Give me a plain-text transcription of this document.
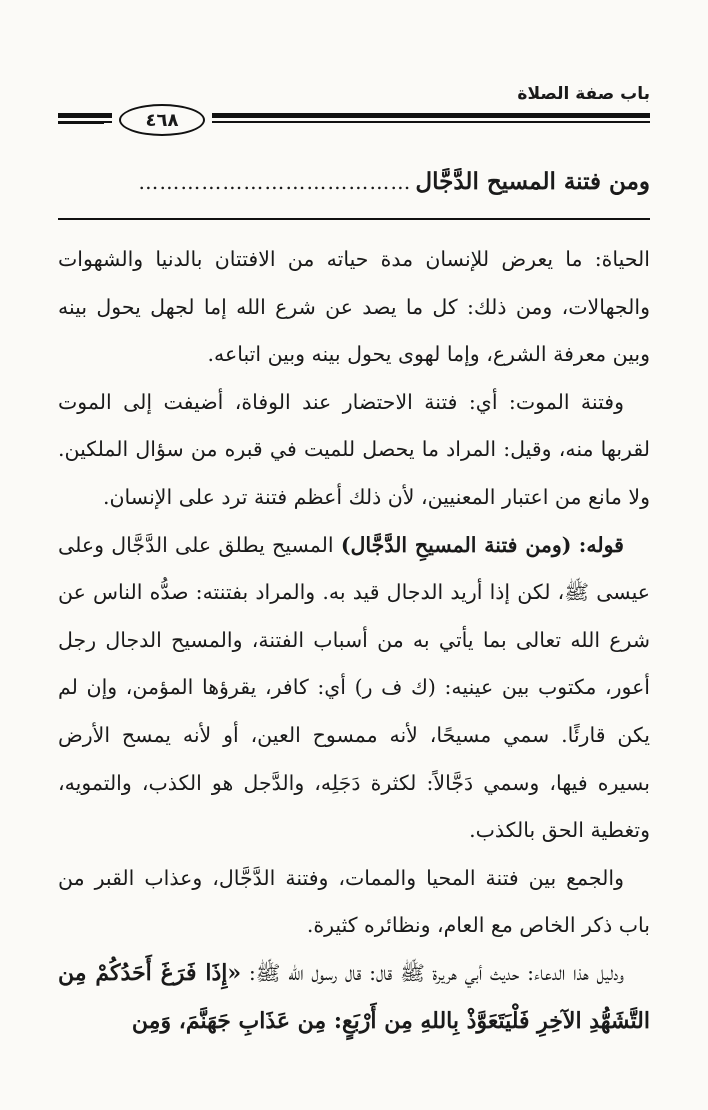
باب صفة الصلاة
٤٦٨
ومن فتنة المسيحِ الدَّجَّال
…………………………………

الحياة: ما يعرض للإنسان مدة حياته من الافتتان بالدنيا والشهوات والجهالات، ومن ذلك: كل ما يصد عن شرع الله إما لجهل يحول بينه وبين معرفة الشرع، وإما لهوى يحول بينه وبين اتباعه.

وفتنة الموت: أي: فتنة الاحتضار عند الوفاة، أضيفت إلى الموت لقربها منه، وقيل: المراد ما يحصل للميت في قبره من سؤال الملكين. ولا مانع من اعتبار المعنيين، لأن ذلك أعظم فتنة ترد على الإنسان.

قوله: (ومن فتنة المسيحِ الدَّجَّال) المسيح يطلق على الدَّجَّال وعلى عيسى ﷺ، لكن إذا أريد الدجال قيد به. والمراد بفتنته: صدُّه الناس عن شرع الله تعالى بما يأتي به من أسباب الفتنة، والمسيح الدجال رجل أعور، مكتوب بين عينيه: (ك ف ر) أي: كافر، يقرؤها المؤمن، وإن لم يكن قارئًا. سمي مسيحًا، لأنه ممسوح العين، أو لأنه يمسح الأرض بسيره فيها، وسمي دَجَّالاً: لكثرة دَجَلِه، والدَّجل هو الكذب، والتمويه، وتغطية الحق بالكذب.

والجمع بين فتنة المحيا والممات، وفتنة الدَّجَّال، وعذاب القبر من باب ذكر الخاص مع العام، ونظائره كثيرة.

ودليل هذا الدعاء: حديث أبي هريرة ﷺ قال: قال رسول الله ﷺ: «إِذَا فَرَغَ أَحَدُكُمْ مِن التَّشَهُّدِ الآخِرِ فَلْيَتَعَوَّذْ بِاللهِ مِن أَرْبَعٍ: مِن عَذَابِ جَهَنَّمَ، وَمِن
